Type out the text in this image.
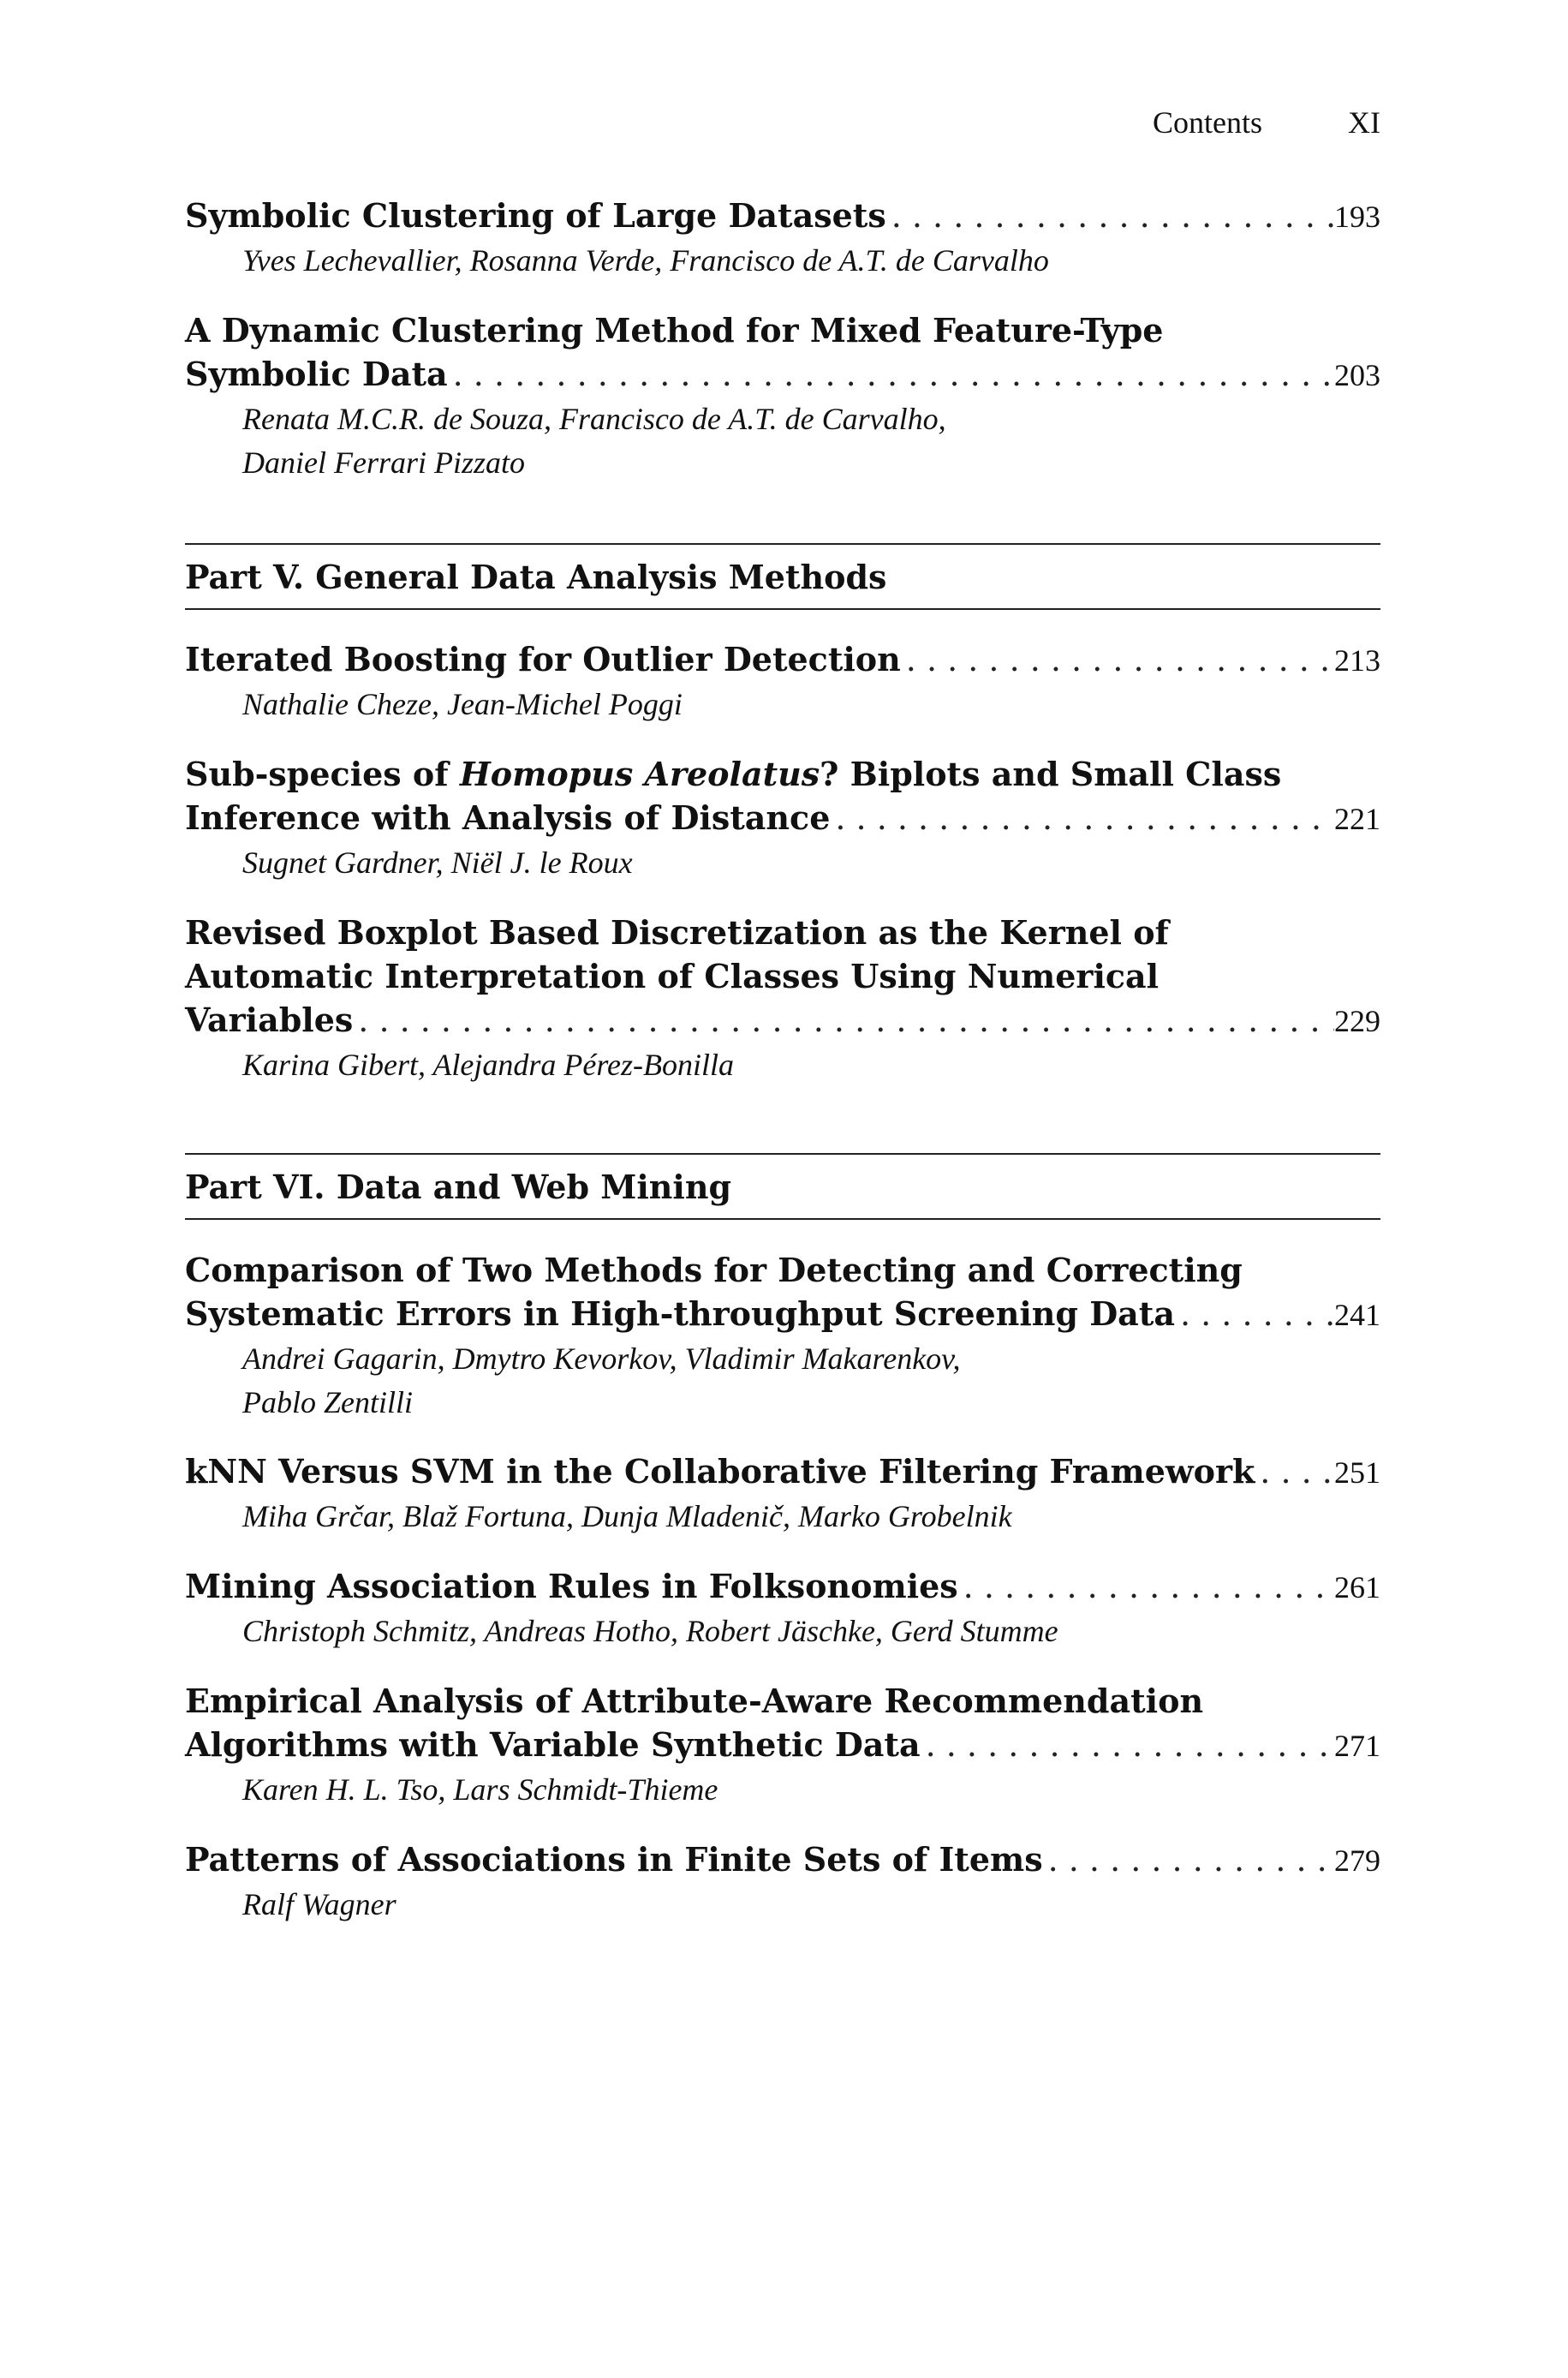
Contents	XI
Symbolic Clustering of Large Datasets . . .	193
Yves Lechevallier, Rosanna Verde, Francisco de A.T. de Carvalho
A Dynamic Clustering Method for Mixed Feature-Type
Symbolic Data . . .	203
Renata M.C.R. de Souza, Francisco de A.T. de Carvalho,
Daniel Ferrari Pizzato
Part V. General Data Analysis Methods
Iterated Boosting for Outlier Detection . . .	213
Nathalie Cheze, Jean-Michel Poggi
Sub-species of Homopus Areolatus? Biplots and Small Class
Inference with Analysis of Distance . . .	221
Sugnet Gardner, Niël J. le Roux
Revised Boxplot Based Discretization as the Kernel of
Automatic Interpretation of Classes Using Numerical
Variables . . .	229
Karina Gibert, Alejandra Pérez-Bonilla
Part VI. Data and Web Mining
Comparison of Two Methods for Detecting and Correcting
Systematic Errors in High-throughput Screening Data . . .	241
Andrei Gagarin, Dmytro Kevorkov, Vladimir Makarenkov,
Pablo Zentilli
kNN Versus SVM in the Collaborative Filtering Framework . . .	251
Miha Grčar, Blaž Fortuna, Dunja Mladenič, Marko Grobelnik
Mining Association Rules in Folksonomies . . .	261
Christoph Schmitz, Andreas Hotho, Robert Jäschke, Gerd Stumme
Empirical Analysis of Attribute-Aware Recommendation
Algorithms with Variable Synthetic Data . . .	271
Karen H. L. Tso, Lars Schmidt-Thieme
Patterns of Associations in Finite Sets of Items . . .	279
Ralf Wagner
